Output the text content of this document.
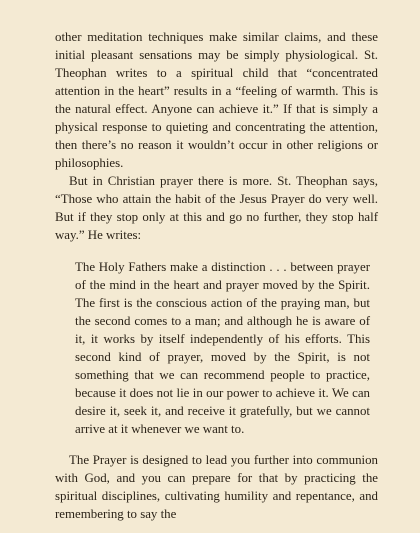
other meditation techniques make similar claims, and these initial pleasant sensations may be simply physiological. St. Theophan writes to a spiritual child that “concentrated attention in the heart” results in a “feeling of warmth. This is the natural effect. Anyone can achieve it.” If that is simply a physical response to quieting and concentrating the attention, then there’s no reason it wouldn’t occur in other religions or philosophies.

But in Christian prayer there is more. St. Theophan says, “Those who attain the habit of the Jesus Prayer do very well. But if they stop only at this and go no further, they stop half way.” He writes:

The Holy Fathers make a distinction . . . between prayer of the mind in the heart and prayer moved by the Spirit. The first is the conscious action of the praying man, but the second comes to a man; and although he is aware of it, it works by itself independently of his efforts. This second kind of prayer, moved by the Spirit, is not something that we can recommend people to practice, because it does not lie in our power to achieve it. We can desire it, seek it, and receive it gratefully, but we cannot arrive at it whenever we want to.

The Prayer is designed to lead you further into communion with God, and you can prepare for that by practicing the spiritual disciplines, cultivating humility and repentance, and remembering to say the
